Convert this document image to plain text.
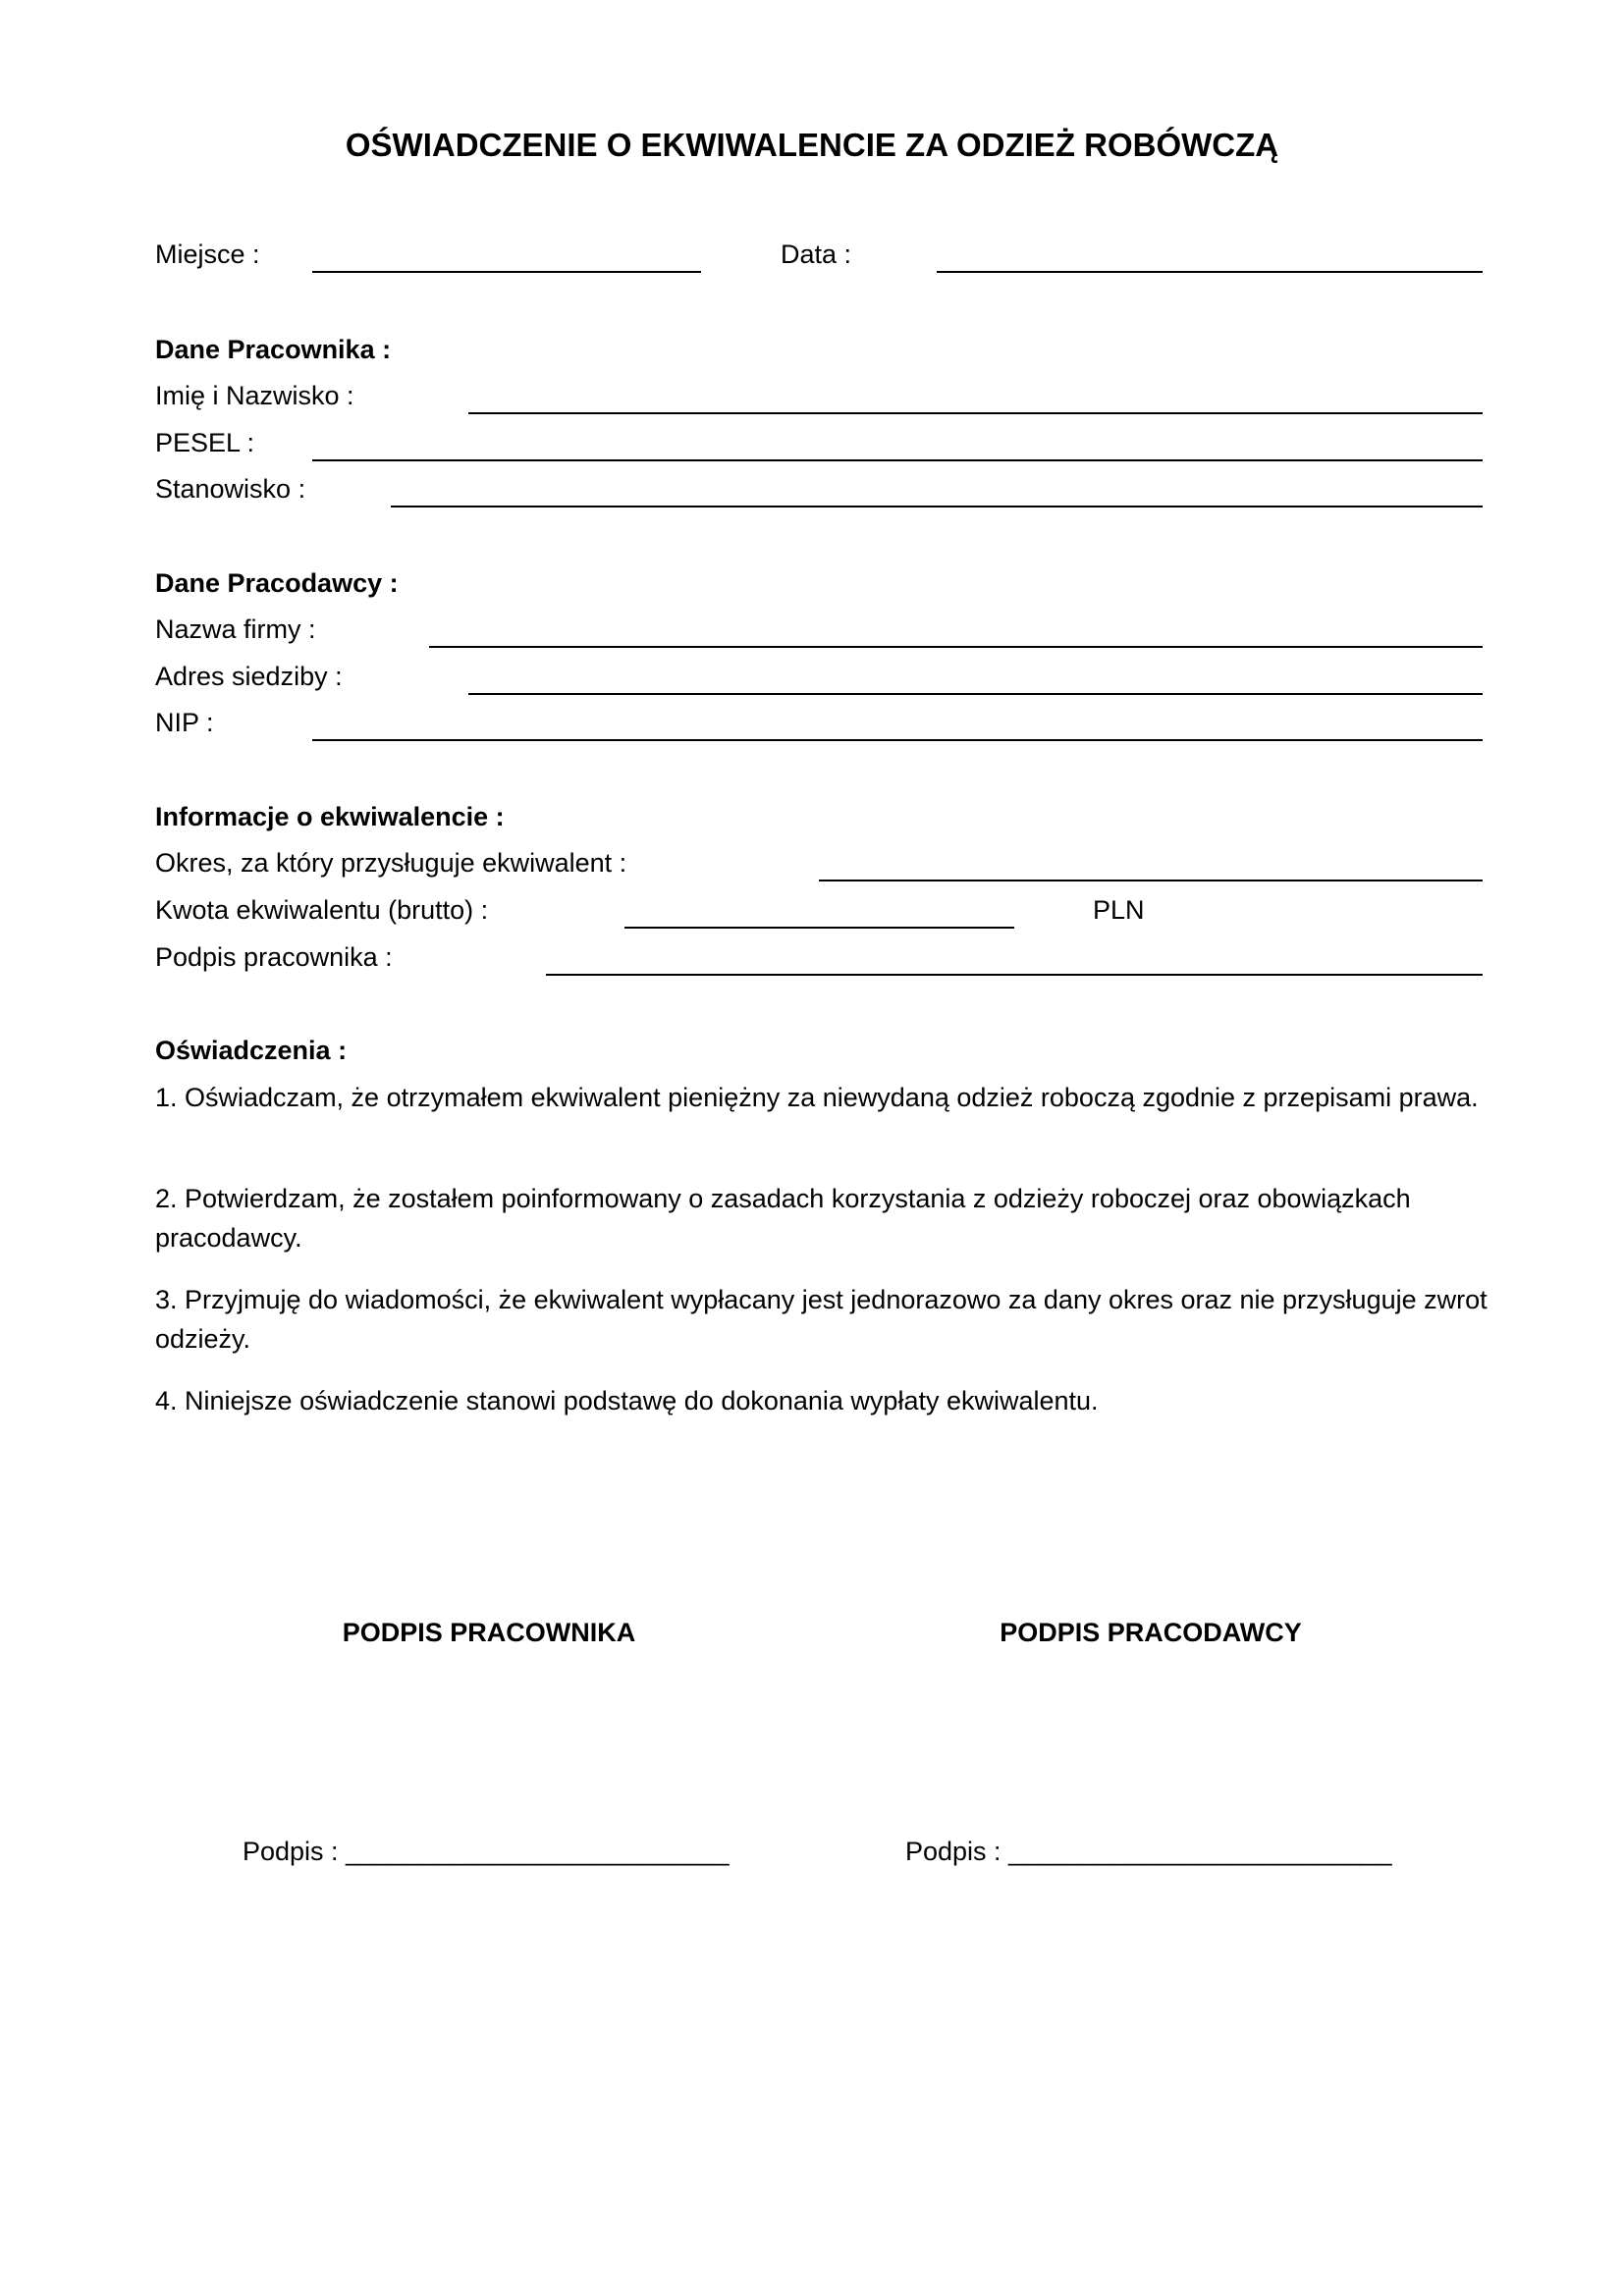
OŚWIADCZENIE O EKWIWALENCIE ZA ODZIEŻ ROBÓWCZĄ
Miejsce :	Data :
Dane Pracownika :
Imię i Nazwisko :
PESEL :
Stanowisko :
Dane Pracodawcy :
Nazwa firmy :
Adres siedziby :
NIP :
Informacje o ekwiwalencie :
Okres, za który przysługuje ekwiwalent :
Kwota ekwiwalentu (brutto) :	PLN
Podpis pracownika :
Oświadczenia :
1. Oświadczam, że otrzymałem ekwiwalent pieniężny za niewydaną odzież roboczą zgodnie z przepisami prawa.
2. Potwierdzam, że zostałem poinformowany o zasadach korzystania z odzieży roboczej oraz obowiązkach pracodawcy.
3. Przyjmuję do wiadomości, że ekwiwalent wypłacany jest jednorazowo za dany okres oraz nie przysługuje zwrot odzieży.
4. Niniejsze oświadczenie stanowi podstawę do dokonania wypłaty ekwiwalentu.
PODPIS PRACOWNIKA	PODPIS PRACODAWCY
Podpis : __________________________	Podpis : __________________________
